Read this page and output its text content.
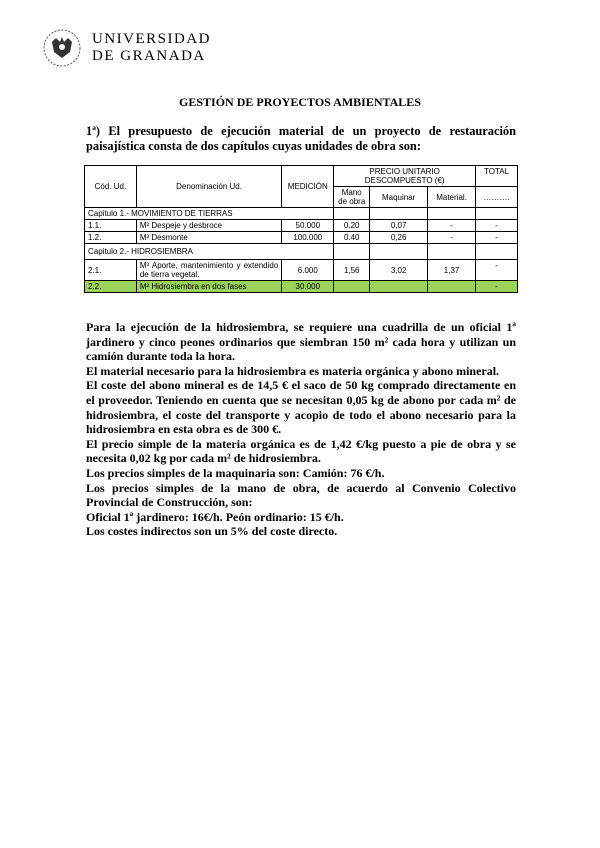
UNIVERSIDAD
DE GRANADA
GESTIÓN DE PROYECTOS AMBIENTALES
1ª) El presupuesto de ejecución material de un proyecto de restauración paisajística consta de dos capítulos cuyas unidades de obra son:
Cód. Ud.	Denominación Ud.	MEDICIÓN	PRECIO UNITARIO DESCOMPUESTO (€)			TOTAL
			Mano de obra	Maquinar	Material.	……….
Capitulo 1.- MOVIMIENTO DE TIERRAS						
1.1.	M² Despeje y desbroce	50.000	0.20	0,07	-	-
1.2.	M³ Desmonte	100.000	0.40	0,26	-	-
Capitulo 2.- HIDROSIEMBRA						
2.1.	M³ Aporte, mantenimiento y extendido de tierra vegetal.	6.000	1,56	3,02	1,37	-
2.2.	M² Hidrosiembra en dos fases	30.000				-

Para la ejecución de la hidrosiembra, se requiere una cuadrilla de un oficial 1ª jardinero y cinco peones ordinarios que siembran 150 m² cada hora y utilizan un camión durante toda la hora.

El material necesario para la hidrosiembra es materia orgánica y abono mineral.

El coste del abono mineral es de 14,5 € el saco de 50 kg comprado directamente en el proveedor. Teniendo en cuenta que se necesitan 0,05 kg de abono por cada m² de hidrosiembra, el coste del transporte y acopio de todo el abono necesario para la hidrosiembra en esta obra es de 300 €.

El precio simple de la materia orgánica es de 1,42 €/kg puesto a pie de obra y se necesita 0,02 kg por cada m² de hidrosiembra.

Los precios simples de la maquinaria son: Camión: 76 €/h.

Los precios simples de la mano de obra, de acuerdo al Convenio Colectivo Provincial de Construcción, son:

Oficial 1ª jardinero: 16€/h. Peón ordinario: 15 €/h.

Los costes indirectos son un 5% del coste directo.
